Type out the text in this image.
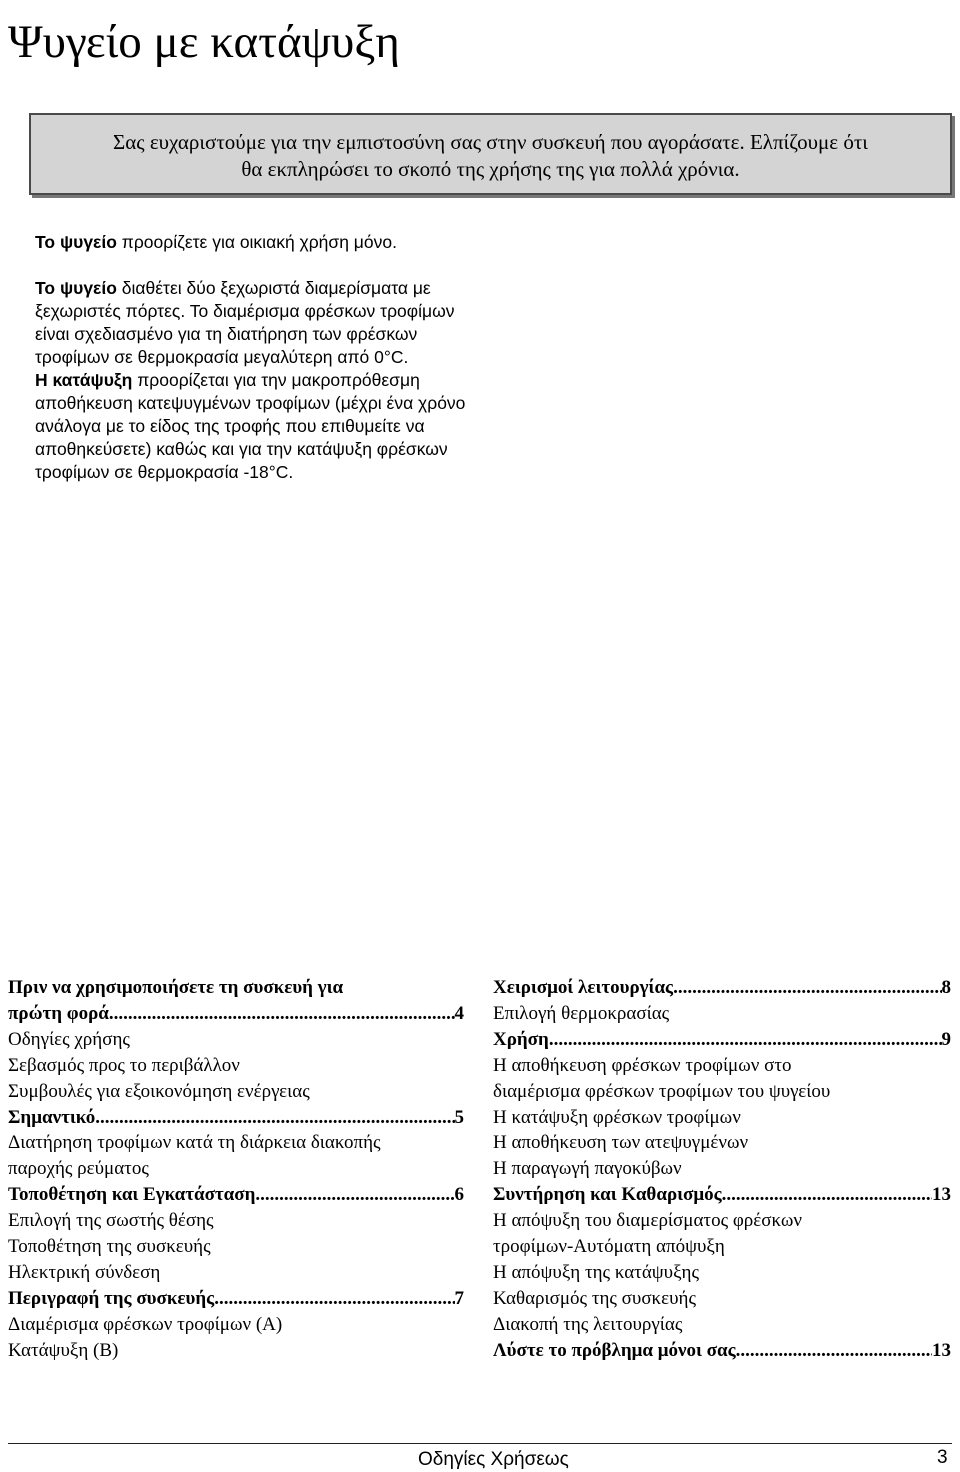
Ψυγείο με κατάψυξη
Σας ευχαριστούμε για την εμπιστοσύνη σας στην συσκευή που αγοράσατε. Ελπίζουμε ότι
θα εκπληρώσει το σκοπό της χρήσης της για πολλά χρόνια.

Το ψυγείο προορίζετε για οικιακή χρήση μόνο.

Το ψυγείο διαθέτει δύο ξεχωριστά διαμερίσματα με ξεχωριστές πόρτες. Το διαμέρισμα φρέσκων τροφίμων είναι σχεδιασμένο για τη διατήρηση των φρέσκων τροφίμων σε θερμοκρασία μεγαλύτερη από 0°C.

Η κατάψυξη προορίζεται για την μακροπρόθεσμη αποθήκευση κατεψυγμένων τροφίμων (μέχρι ένα χρόνο ανάλογα με το είδος της τροφής που επιθυμείτε να αποθηκεύσετε) καθώς και για την κατάψυξη φρέσκων τροφίμων σε θερμοκρασία -18°C.

Πριν να χρησιμοποιήσετε τη συσκευή για
πρώτη φορά .....	4
Οδηγίες χρήσης
Σεβασμός προς το περιβάλλον
Συμβουλές για εξοικονόμηση ενέργειας
Σημαντικό .....	5
Διατήρηση τροφίμων κατά τη διάρκεια διακοπής
παροχής ρεύματος
Τοποθέτηση και Εγκατάσταση .....	6
Επιλογή της σωστής θέσης
Τοποθέτηση της συσκευής
Ηλεκτρική σύνδεση
Περιγραφή της συσκευής .....	7
Διαμέρισμα φρέσκων τροφίμων (A)
Κατάψυξη (B)
Χειρισμοί λειτουργίας .....	8
Επιλογή θερμοκρασίας
Χρήση .....	9
Η αποθήκευση φρέσκων τροφίμων στο
διαμέρισμα φρέσκων τροφίμων του ψυγείου
Η κατάψυξη φρέσκων τροφίμων
Η αποθήκευση των ατεψυγμένων
Η παραγωγή παγοκύβων
Συντήρηση και Καθαρισμός .....	13
Η απόψυξη του διαμερίσματος φρέσκων
τροφίμων-Αυτόματη απόψυξη
Η απόψυξη της κατάψυξης
Καθαρισμός της συσκευής
Διακοπή της λειτουργίας
Λύστε το πρόβλημα μόνοι σας .....	13
Οδηγίες Χρήσεως	3
